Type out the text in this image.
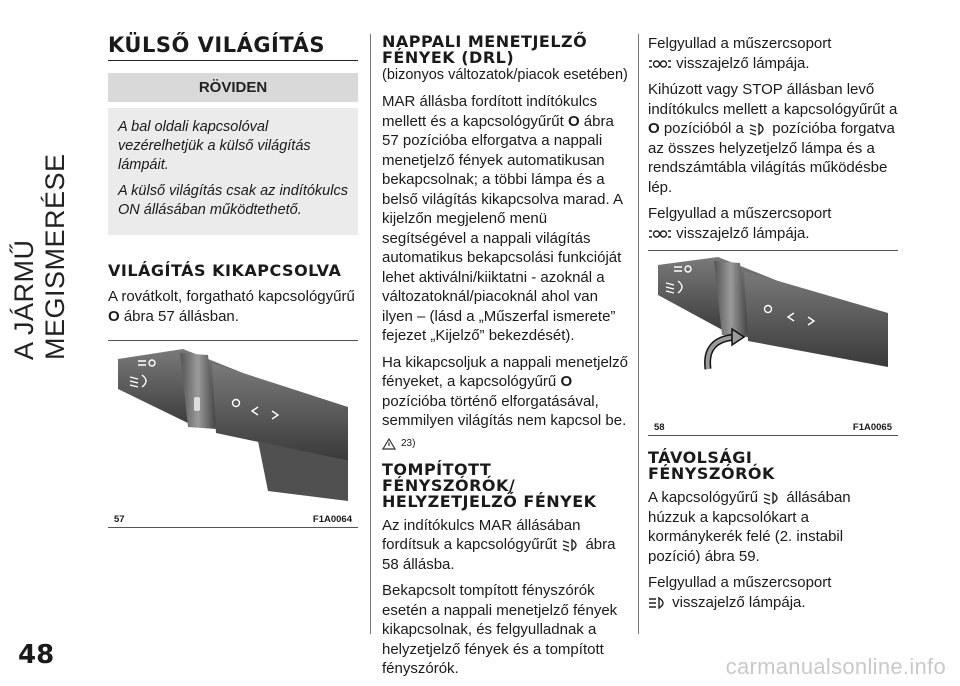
A JÁRMŰ MEGISMERÉSE
48	carmanualsonline.info
KÜLSŐ VILÁGÍTÁS
RÖVIDEN

A bal oldali kapcsolóval vezérelhetjük a külső világítás lámpáit.

A külső világítás csak az indítókulcs ON állásában működtethető.

VILÁGÍTÁS KIKAPCSOLVA

A rovátkolt, forgatható kapcsológyűrű
O ábra 57 állásban.

57	F1A0064
NAPPALI MENETJELZŐ
FÉNYEK (DRL)
(bizonyos változatok/piacok esetében)

MAR állásba fordított indítókulcs mellett és a kapcsológyűrűt O ábra 57 pozícióba elforgatva a nappali menetjelző fények automatikusan bekapcsolnak; a többi lámpa és a belső világítás kikapcsolva marad. A kijelzőn megjelenő menü segítségével a nappali világítás automatikus bekapcsolási funkcióját lehet aktiválni/kiiktatni - azoknál a változatoknál/piacoknál ahol van ilyen – (lásd a „Műszerfal ismerete” fejezet „Kijelző” bekezdését).

Ha kikapcsoljuk a nappali menetjelző fényeket, a kapcsológyűrű O pozícióba történő elforgatásával, semmilyen világítás nem kapcsol be.

23)
TOMPÍTOTT
FÉNYSZÓRÓK/
HELYZETJELZŐ FÉNYEK

Az indítókulcs MAR állásában fordítsuk a kapcsológyűrűt ábra 58 állásba.

Bekapcsolt tompított fényszórók esetén a nappali menetjelző fények kikapcsolnak, és felgyulladnak a helyzetjelző fények és a tompított fényszórók.

Felgyullad a műszercsoport
visszajelző lámpája.

Kihúzott vagy STOP állásban levő indítókulcs mellett a kapcsológyűrűt a
O pozícióból a pozícióba forgatva az összes helyzetjelző lámpa és a rendszámtábla világítás működésbe lép.

Felgyullad a műszercsoport
visszajelző lámpája.

58	F1A0065
TÁVOLSÁGI
FÉNYSZÓRÓK

A kapcsológyűrű állásában húzzuk a kapcsolókart a kormánykerék felé (2. instabil pozíció) ábra 59.

Felgyullad a műszercsoport
visszajelző lámpája.
